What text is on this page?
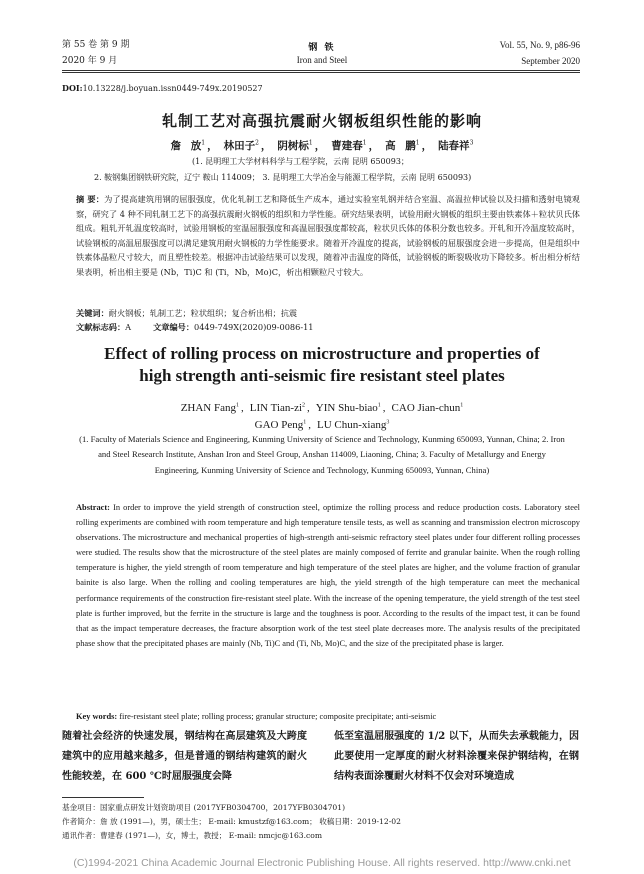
第 55 卷 第 9 期
2020 年 9 月
钢 铁
Iron and Steel
Vol. 55, No. 9, p86-96
September 2020
DOI:10.13228/j.boyuan.issn0449-749x.20190527
轧制工艺对高强抗震耐火钢板组织性能的影响
詹 放$^1$ ， 林田子$^2$ ， 阴树标$^1$ ， 曹建春$^1$ ， 高 鹏$^1$ ， 陆春祥$^3$
(1. 昆明理工大学材料科学与工程学院，云南 昆明 650093；
2. 鞍钢集团钢铁研究院，辽宁 鞍山 114009； 3. 昆明理工大学冶金与能源工程学院，云南 昆明 650093)
摘 要：为了提高建筑用钢的屈服强度，优化轧制工艺和降低生产成本，通过实验室轧钢并结合室温、高温拉伸试验以及扫描和透射电镜观察，研究了 4 种不同轧制工艺下的高强抗震耐火钢板的组织和力学性能。研究结果表明，试验用耐火钢板的组织主要由铁素体＋粒状贝氏体组成。粗轧开轧温度较高时，试验用钢板的室温屈服强度和高温屈服强度都较高，粒状贝氏体的体积分数也较多。开轧和开冷温度较高时，试验钢板的高温屈服强度可以满足建筑用耐火钢板的力学性能要求。随着开冷温度的提高，试验钢板的屈服强度会进一步提高，但是组织中铁素体晶粒尺寸较大，而且塑性较差。根据冲击试验结果可以发现，随着冲击温度的降低，试验钢板的断裂吸收功下降较多。析出相分析结果表明，析出相主要是 (Nb，Ti)C 和 (Ti，Nb，Mo)C，析出相颗粒尺寸较大。
关键词：耐火钢板；轧制工艺；粒状组织；复合析出相；抗震
文献标志码：A	文章编号：0449-749X(2020)09-0086-11
Effect of rolling process on microstructure and properties of
high strength anti-seismic fire resistant steel plates
ZHAN Fang$^1$ , LIN Tian-$zi^2$ , YIN Shu-biao$^1$ , CAO Jian-chun$^1$
GAO Peng$^1$ , LU Chun-xiang$^3$
(1. Faculty of Materials Science and Engineering, Kunming University of Science and Technology, Kunming 650093, Yunnan, China; 2. Iron and Steel Research Institute, Anshan Iron and Steel Group, Anshan 114009, Liaoning, China; 3. Faculty of Metallurgy and Energy Engineering, Kunming University of Science and Technology, Kunming 650093, Yunnan, China)
Abstract: In order to improve the yield strength of construction steel, optimize the rolling process and reduce production costs. Laboratory steel rolling experiments are combined with room temperature and high temperature tensile tests, as well as scanning and transmission electron microscopy observations. The microstructure and mechanical properties of high-strength anti-seismic refractory steel plates under four different rolling processes were studied. The results show that the microstructure of the steel plates are mainly composed of ferrite and granular bainite. When the rough rolling temperature is higher, the yield strength of room temperature and high temperature of the steel plates are higher, and the volume fraction of granular bainite is also large. When the rolling and cooling temperatures are high, the yield strength of the high temperature can meet the mechanical performance requirements of the construction fire-resistant steel plate. With the increase of the opening temperature, the yield strength of the test steel plate is further improved, but the ferrite in the structure is large and the toughness is poor. According to the results of the impact test, it can be found that as the impact temperature decreases, the fracture absorption work of the test steel plate decreases more. The analysis results of the precipitated phase show that the precipitated phases are mainly (Nb, Ti)C and (Ti, Nb, Mo)C, and the size of the precipitated phase is larger.
Key words: fire-resistant steel plate; rolling process; granular structure; composite precipitate; anti-seismic
随着社会经济的快速发展，钢结构在高层建筑及大跨度建筑中的应用越来越多，但是普通的钢结构建筑的耐火性能较差，在 600 ℃时屈服强度会降
低至室温屈服强度的 1/2 以下，从而失去承载能力，因此要使用一定厚度的耐火材料涂覆来保护钢结构，在钢结构表面涂覆耐火材料不仅会对环境造成
基金项目：国家重点研发计划资助项目 (2017YFB0304700，2017YFB0304701)
作者简介：詹 放 (1991—)，男，硕士生； E-mail: kmustzf@163.com； 收稿日期：2019-12-02
通讯作者：曹建春 (1971—)，女，博士，教授； E-mail: nmcjc@163.com
(C)1994-2021 China Academic Journal Electronic Publishing House. All rights reserved. http://www.cnki.net
